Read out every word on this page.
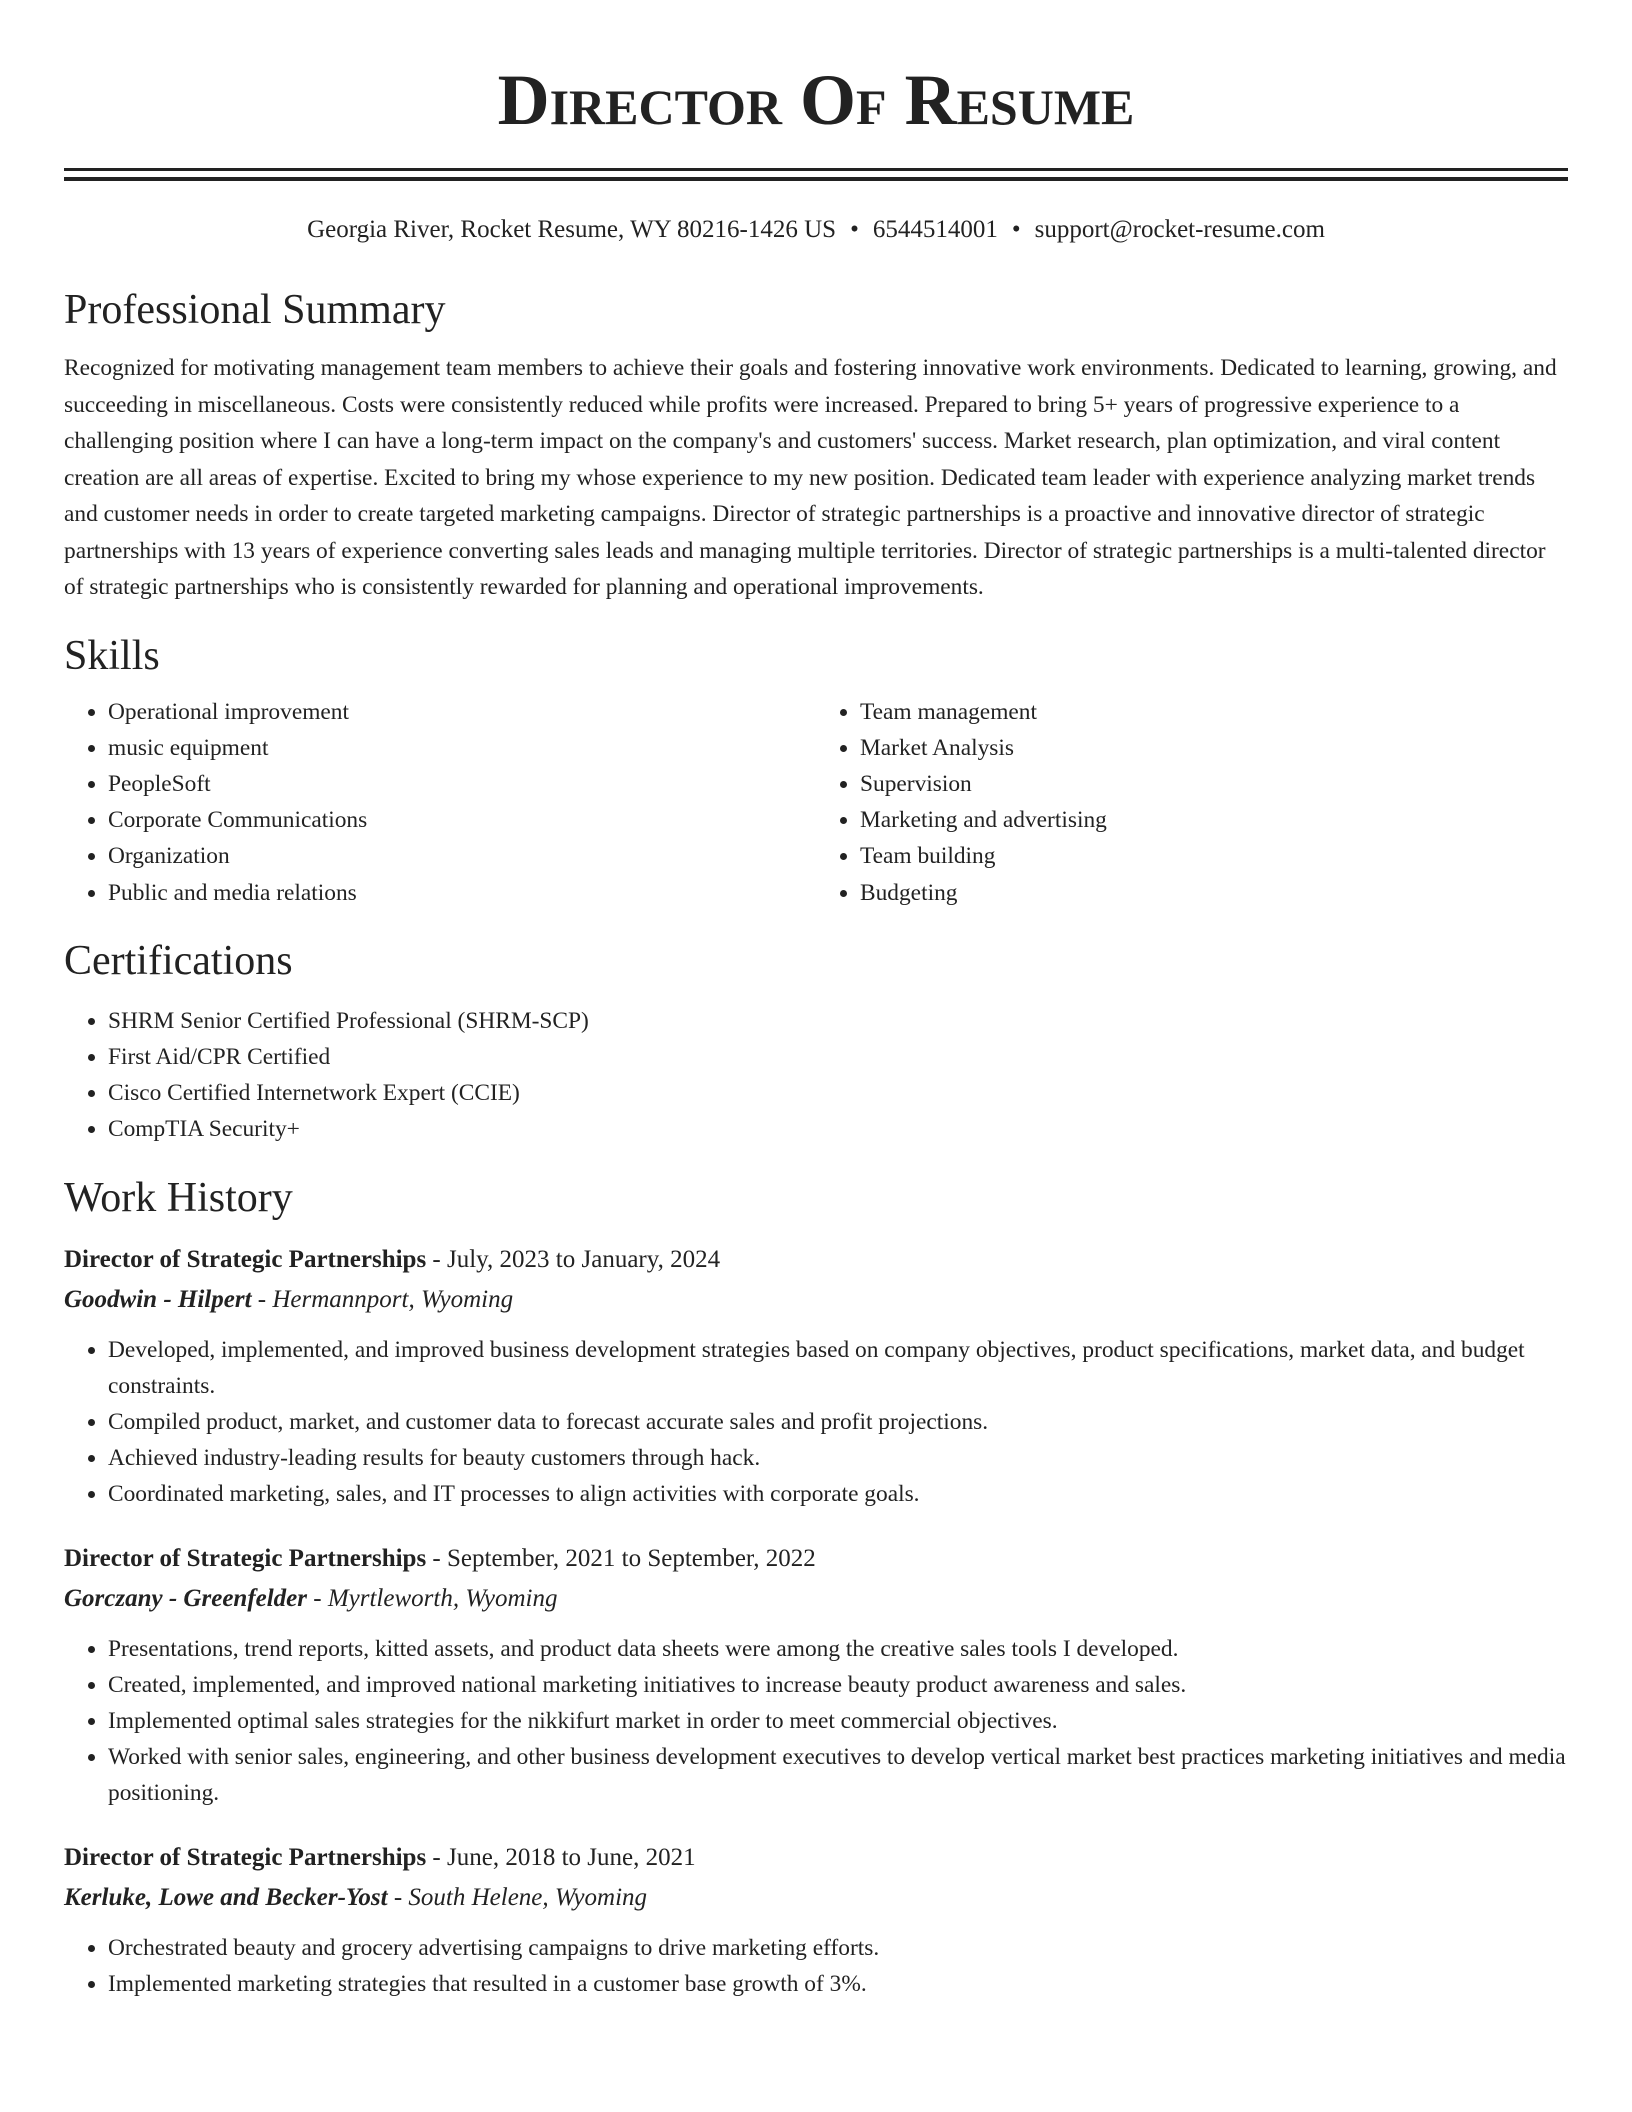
Director Of Resume
Georgia River, Rocket Resume, WY 80216-1426 US • 6544514001 • support@rocket-resume.com
Professional Summary

Recognized for motivating management team members to achieve their goals and fostering innovative work environments. Dedicated to learning, growing, and succeeding in miscellaneous. Costs were consistently reduced while profits were increased. Prepared to bring 5+ years of progressive experience to a challenging position where I can have a long-term impact on the company's and customers' success. Market research, plan optimization, and viral content creation are all areas of expertise. Excited to bring my whose experience to my new position. Dedicated team leader with experience analyzing market trends and customer needs in order to create targeted marketing campaigns. Director of strategic partnerships is a proactive and innovative director of strategic partnerships with 13 years of experience converting sales leads and managing multiple territories. Director of strategic partnerships is a multi-talented director of strategic partnerships who is consistently rewarded for planning and operational improvements.

Skills
• Operational improvement
• music equipment
• PeopleSoft
• Corporate Communications
• Organization
• Public and media relations
• Team management
• Market Analysis
• Supervision
• Marketing and advertising
• Team building
• Budgeting
Certifications
• SHRM Senior Certified Professional (SHRM-SCP)
• First Aid/CPR Certified
• Cisco Certified Internetwork Expert (CCIE)
• CompTIA Security+
Work History
Director of Strategic Partnerships - July, 2023 to January, 2024
Goodwin - Hilpert - Hermannport, Wyoming
• Developed, implemented, and improved business development strategies based on company objectives, product specifications, market data, and budget constraints.
• Compiled product, market, and customer data to forecast accurate sales and profit projections.
• Achieved industry-leading results for beauty customers through hack.
• Coordinated marketing, sales, and IT processes to align activities with corporate goals.
Director of Strategic Partnerships - September, 2021 to September, 2022
Gorczany - Greenfelder - Myrtleworth, Wyoming
• Presentations, trend reports, kitted assets, and product data sheets were among the creative sales tools I developed.
• Created, implemented, and improved national marketing initiatives to increase beauty product awareness and sales.
• Implemented optimal sales strategies for the nikkifurt market in order to meet commercial objectives.
• Worked with senior sales, engineering, and other business development executives to develop vertical market best practices marketing initiatives and media positioning.
Director of Strategic Partnerships - June, 2018 to June, 2021
Kerluke, Lowe and Becker-Yost - South Helene, Wyoming
• Orchestrated beauty and grocery advertising campaigns to drive marketing efforts.
• Implemented marketing strategies that resulted in a customer base growth of 3%.
